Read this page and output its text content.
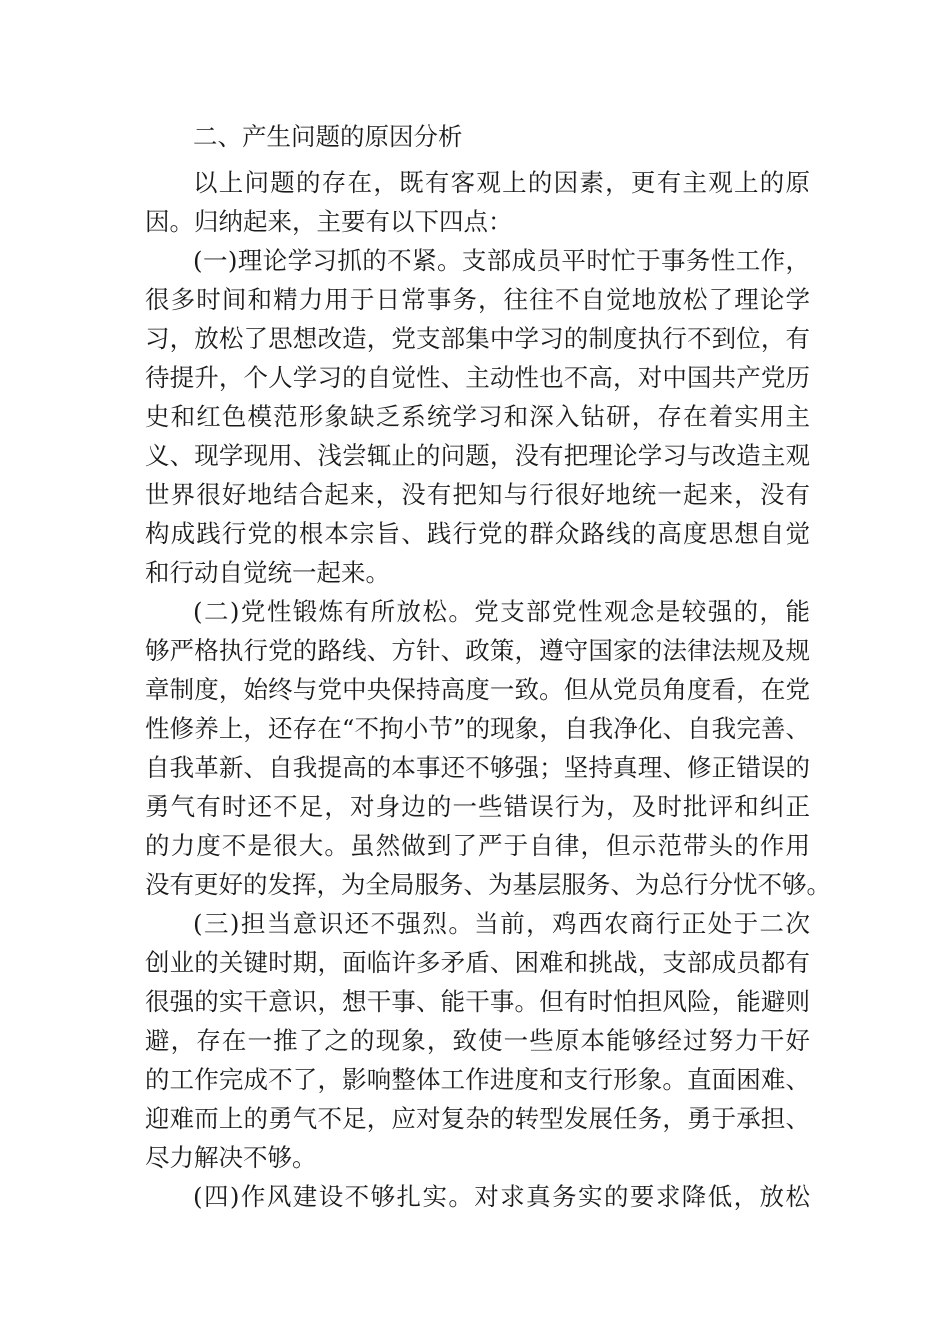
二、产生问题的原因分析
以上问题的存在，既有客观上的因素，更有主观上的原
因。归纳起来，主要有以下四点：
(一)理论学习抓的不紧。支部成员平时忙于事务性工作，
很多时间和精力用于日常事务，往往不自觉地放松了理论学
习，放松了思想改造，党支部集中学习的制度执行不到位，有
待提升，个人学习的自觉性、主动性也不高，对中国共产党历
史和红色模范形象缺乏系统学习和深入钻研，存在着实用主
义、现学现用、浅尝辄止的问题，没有把理论学习与改造主观
世界很好地结合起来，没有把知与行很好地统一起来，没有
构成践行党的根本宗旨、践行党的群众路线的高度思想自觉
和行动自觉统一起来。
(二)党性锻炼有所放松。党支部党性观念是较强的，能
够严格执行党的路线、方针、政策，遵守国家的法律法规及规
章制度，始终与党中央保持高度一致。但从党员角度看，在党
性修养上，还存在“不拘小节”的现象，自我净化、自我完善、
自我革新、自我提高的本事还不够强；坚持真理、修正错误的
勇气有时还不足，对身边的一些错误行为，及时批评和纠正
的力度不是很大。虽然做到了严于自律，但示范带头的作用
没有更好的发挥，为全局服务、为基层服务、为总行分忧不够。
(三)担当意识还不强烈。当前，鸡西农商行正处于二次
创业的关键时期，面临许多矛盾、困难和挑战，支部成员都有
很强的实干意识，想干事、能干事。但有时怕担风险，能避则
避，存在一推了之的现象，致使一些原本能够经过努力干好
的工作完成不了，影响整体工作进度和支行形象。直面困难、
迎难而上的勇气不足，应对复杂的转型发展任务，勇于承担、
尽力解决不够。
(四)作风建设不够扎实。对求真务实的要求降低，放松
